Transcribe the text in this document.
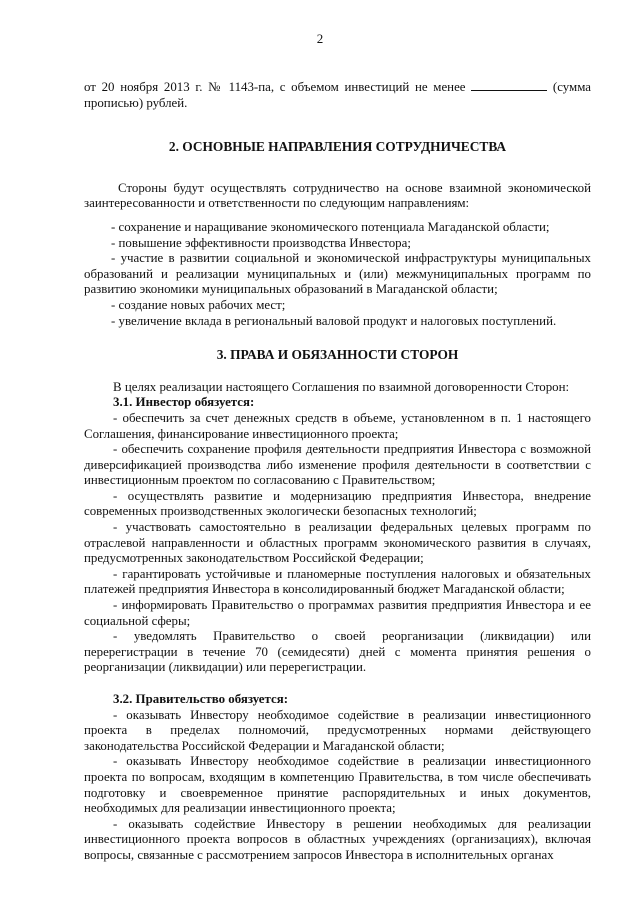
2

от 20 ноября 2013 г. № 1143-па, с объемом инвестиций не менее	(сумма прописью) рублей.

2. ОСНОВНЫЕ НАПРАВЛЕНИЯ СОТРУДНИЧЕСТВА

Стороны будут осуществлять сотрудничество на основе взаимной экономической заинтересованности и ответственности по следующим направлениям:

- сохранение и наращивание экономического потенциала Магаданской области;

- повышение эффективности производства Инвестора;

- участие в развитии социальной и экономической инфраструктуры муниципальных образований и реализации муниципальных и (или) межмуниципальных программ по развитию экономики муниципальных образований в Магаданской области;

- создание новых рабочих мест;

- увеличение вклада в региональный валовой продукт и налоговых поступлений.

3. ПРАВА И ОБЯЗАННОСТИ СТОРОН

В целях реализации настоящего Соглашения по взаимной договоренности Сторон:

3.1. Инвестор обязуется:

- обеспечить за счет денежных средств в объеме, установленном в п. 1 настоящего Соглашения, финансирование инвестиционного проекта;

- обеспечить сохранение профиля деятельности предприятия Инвестора с возможной диверсификацией производства либо изменение профиля деятельности в соответствии с инвестиционным проектом по согласованию с Правительством;

- осуществлять развитие и модернизацию предприятия Инвестора, внедрение современных производственных экологически безопасных технологий;

- участвовать самостоятельно в реализации федеральных целевых программ по отраслевой направленности и областных программ экономического развития в случаях, предусмотренных законодательством Российской Федерации;

- гарантировать устойчивые и планомерные поступления налоговых и обязательных платежей предприятия Инвестора в консолидированный бюджет Магаданской области;

- информировать Правительство о программах развития предприятия Инвестора и ее социальной сферы;

- уведомлять Правительство о своей реорганизации (ликвидации) или перерегистрации в течение 70 (семидесяти) дней с момента принятия решения о реорганизации (ликвидации) или перерегистрации.

3.2. Правительство обязуется:

- оказывать Инвестору необходимое содействие в реализации инвестиционного проекта в пределах полномочий, предусмотренных нормами действующего законодательства Российской Федерации и Магаданской области;

- оказывать Инвестору необходимое содействие в реализации инвестиционного проекта по вопросам, входящим в компетенцию Правительства, в том числе обеспечивать подготовку и своевременное принятие распорядительных и иных документов, необходимых для реализации инвестиционного проекта;

- оказывать содействие Инвестору в решении необходимых для реализации инвестиционного проекта вопросов в областных учреждениях (организациях), включая вопросы, связанные с рассмотрением запросов Инвестора в исполнительных органах
